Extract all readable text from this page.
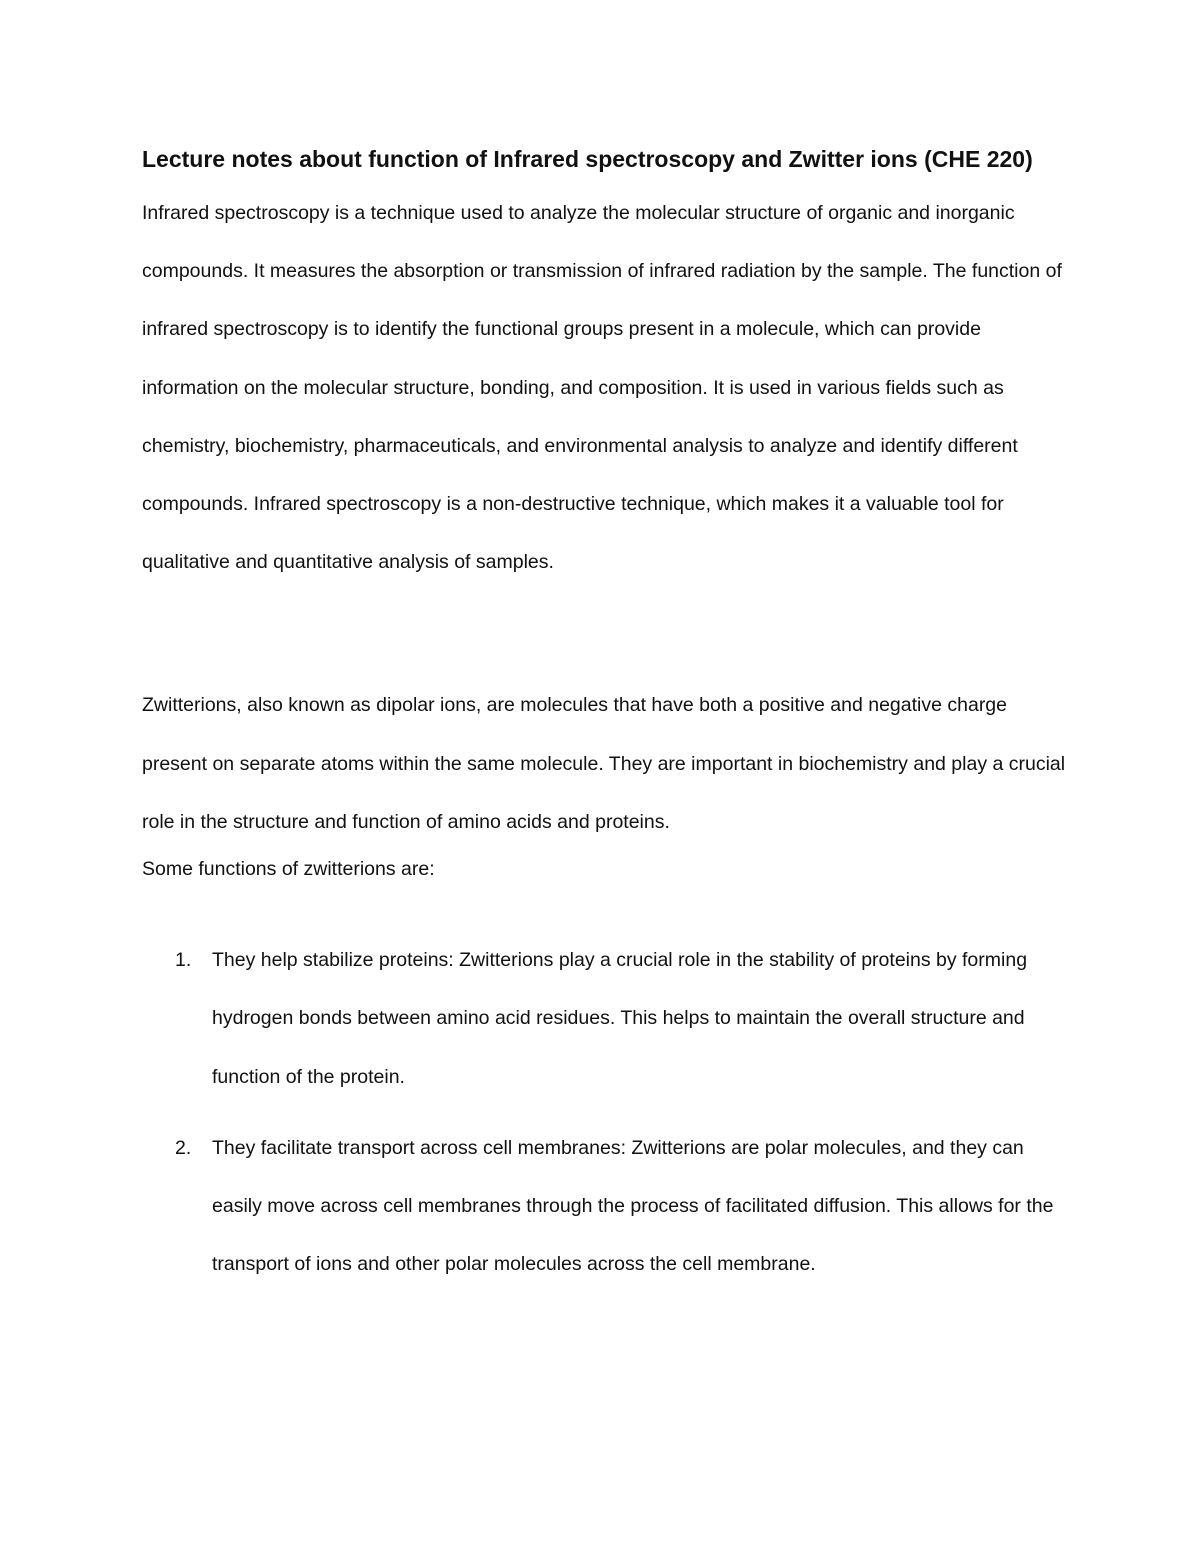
Lecture notes about function of Infrared spectroscopy and Zwitter ions (CHE 220)

Infrared spectroscopy is a technique used to analyze the molecular structure of organic and inorganic compounds. It measures the absorption or transmission of infrared radiation by the sample. The function of infrared spectroscopy is to identify the functional groups present in a molecule, which can provide information on the molecular structure, bonding, and composition. It is used in various fields such as chemistry, biochemistry, pharmaceuticals, and environmental analysis to analyze and identify different compounds. Infrared spectroscopy is a non-destructive technique, which makes it a valuable tool for qualitative and quantitative analysis of samples.

Zwitterions, also known as dipolar ions, are molecules that have both a positive and negative charge present on separate atoms within the same molecule. They are important in biochemistry and play a crucial role in the structure and function of amino acids and proteins.

Some functions of zwitterions are:

1. They help stabilize proteins: Zwitterions play a crucial role in the stability of proteins by forming hydrogen bonds between amino acid residues. This helps to maintain the overall structure and function of the protein.
2. They facilitate transport across cell membranes: Zwitterions are polar molecules, and they can easily move across cell membranes through the process of facilitated diffusion. This allows for the transport of ions and other polar molecules across the cell membrane.
